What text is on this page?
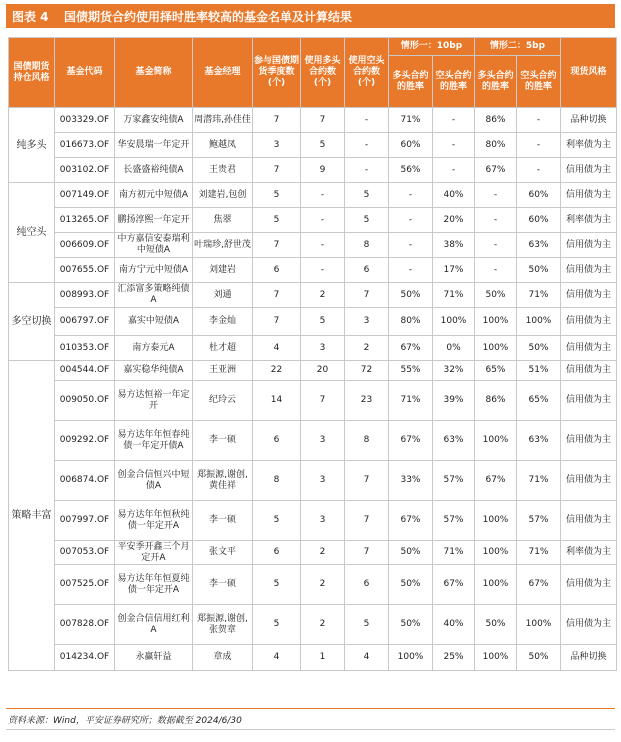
图表 4	国债期货合约使用择时胜率较高的基金名单及计算结果
国债期货持仓风格	基金代码	基金简称	基金经理	参与国债期货季度数(个)	使用多头合约数(个)	使用空头合约数(个)	情形一：10bp		情形二：5bp		现货风格
							多头合约的胜率	空头合约的胜率	多头合约的胜率	空头合约的胜率	
纯多头	003329.OF	万家鑫安纯债A	周潜玮,孙佳佳	7	7	-	71%	-	86%	-	品种切换
	016673.OF	华安晨瑞一年定开	鲍越凤	3	5	-	60%	-	80%	-	利率债为主
	003102.OF	长盛盛裕纯债A	王贵君	7	9	-	56%	-	67%	-	信用债为主
纯空头	007149.OF	南方初元中短债A	刘建岩,包创	5	-	5	-	40%	-	60%	信用债为主
	013265.OF	鹏扬淳熙一年定开	焦翠	5	-	5	-	20%	-	60%	利率债为主
	006609.OF	中方嘉信安泰瑞利中短债A	叶瑞珍,舒世茂	7	-	8	-	38%	-	63%	信用债为主
	007655.OF	南方宁元中短债A	刘建岩	6	-	6	-	17%	-	50%	信用债为主
多空切换	008993.OF	汇添富多策略纯债A	刘通	7	2	7	50%	71%	50%	71%	信用债为主
	006797.OF	嘉实中短债A	李金灿	7	5	3	80%	100%	100%	100%	信用债为主
	010353.OF	南方泰元A	杜才超	4	3	2	67%	0%	100%	50%	信用债为主
策略丰富	004544.OF	嘉实稳华纯债A	王亚洲	22	20	72	55%	32%	65%	51%	信用债为主
	009050.OF	易方达恒裕一年定开	纪玲云	14	7	23	71%	39%	86%	65%	信用债为主
	009292.OF	易方达年年恒春纯债一年定开债A	李一硕	6	3	8	67%	63%	100%	63%	信用债为主
	006874.OF	创金合信恒兴中短债A	郑振源,谢创,黄佳祥	8	3	7	33%	57%	67%	71%	信用债为主
	007997.OF	易方达年年恒秋纯债一年定开A	李一硕	5	3	7	67%	57%	100%	57%	信用债为主
	007053.OF	平安季开鑫三个月定开A	张文平	6	2	7	50%	71%	100%	71%	利率债为主
	007525.OF	易方达年年恒夏纯债一年定开A	李一硕	5	2	6	50%	67%	100%	67%	信用债为主
	007828.OF	创金合信信用红利A	郑振源,谢创,张贺章	5	2	5	50%	40%	50%	100%	信用债为主
	014234.OF	永赢轩益	章成	4	1	4	100%	25%	100%	50%	品种切换
资料来源：Wind，平安证券研究所；数据截至 2024/6/30
